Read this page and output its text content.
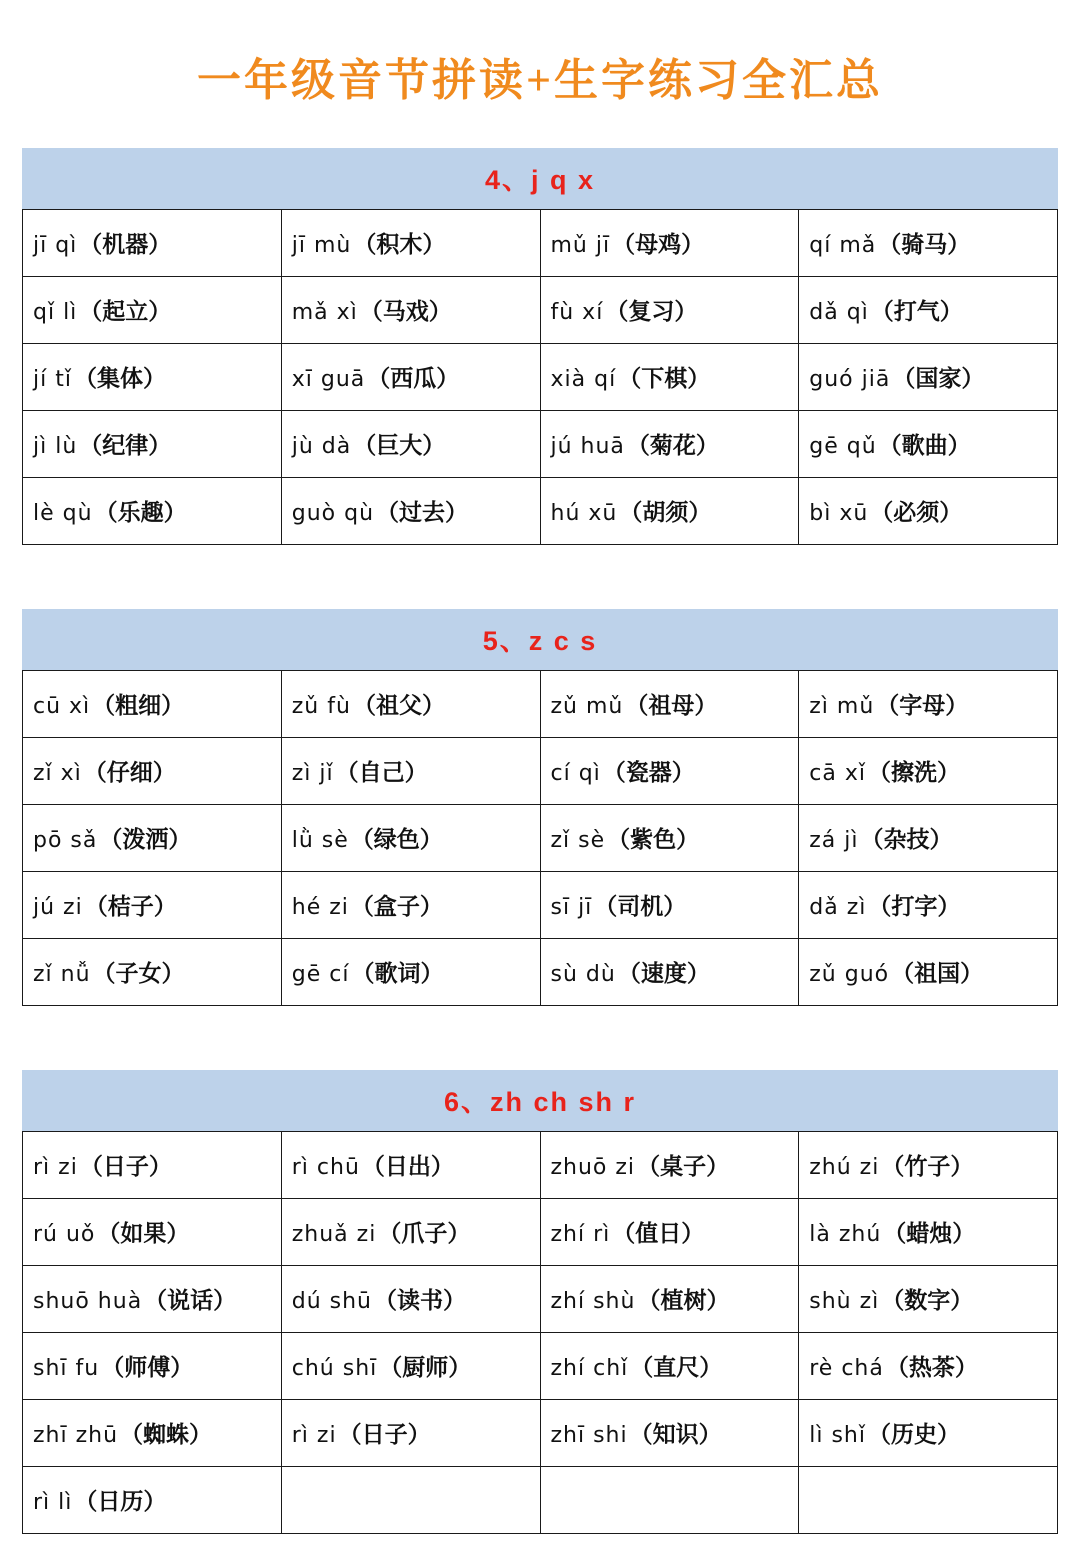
一年级音节拼读+生字练习全汇总
4、j q x
jī qì （机器）	jī mù （积木）	mǔ jī （母鸡）	qí mǎ （骑马）

qǐ lì （起立）	mǎ xì （马戏）	fù xí （复习）	dǎ qì （打气）

jí tǐ （集体）	xī guā （西瓜）	xià qí （下棋）	guó jiā （国家）

jì lù （纪律）	jù dà （巨大）	jú huā （菊花）	gē qǔ （歌曲）

lè qù （乐趣）	guò qù （过去）	hú xū （胡须）	bì xū （必须）
5、z c s
cū xì （粗细）	zǔ fù （祖父）	zǔ mǔ （祖母）	zì mǔ （字母）

zǐ xì （仔细）	zì jǐ （自己）	cí qì （瓷器）	cā xǐ （擦洗）

pō sǎ （泼洒）	lǜ sè （绿色）	zǐ sè （紫色）	zá jì （杂技）

jú zi （桔子）	hé zi （盒子）	sī jī （司机）	dǎ zì （打字）

zǐ nǚ （子女）	gē cí （歌词）	sù dù （速度）	zǔ guó （祖国）
6、zh ch sh r
rì zi （日子）	rì chū （日出）	zhuō zi （桌子）	zhú zi （竹子）

rú uǒ （如果）	zhuǎ zi （爪子）	zhí rì （值日）	là zhú （蜡烛）

shuō huà （说话）	dú shū （读书）	zhí shù （植树）	shù zì （数字）

shī fu （师傅）	chú shī （厨师）	zhí chǐ （直尺）	rè chá （热茶）

zhī zhū （蜘蛛）	rì zi （日子）	zhī shi （知识）	lì shǐ （历史）

rì lì （日历）			
